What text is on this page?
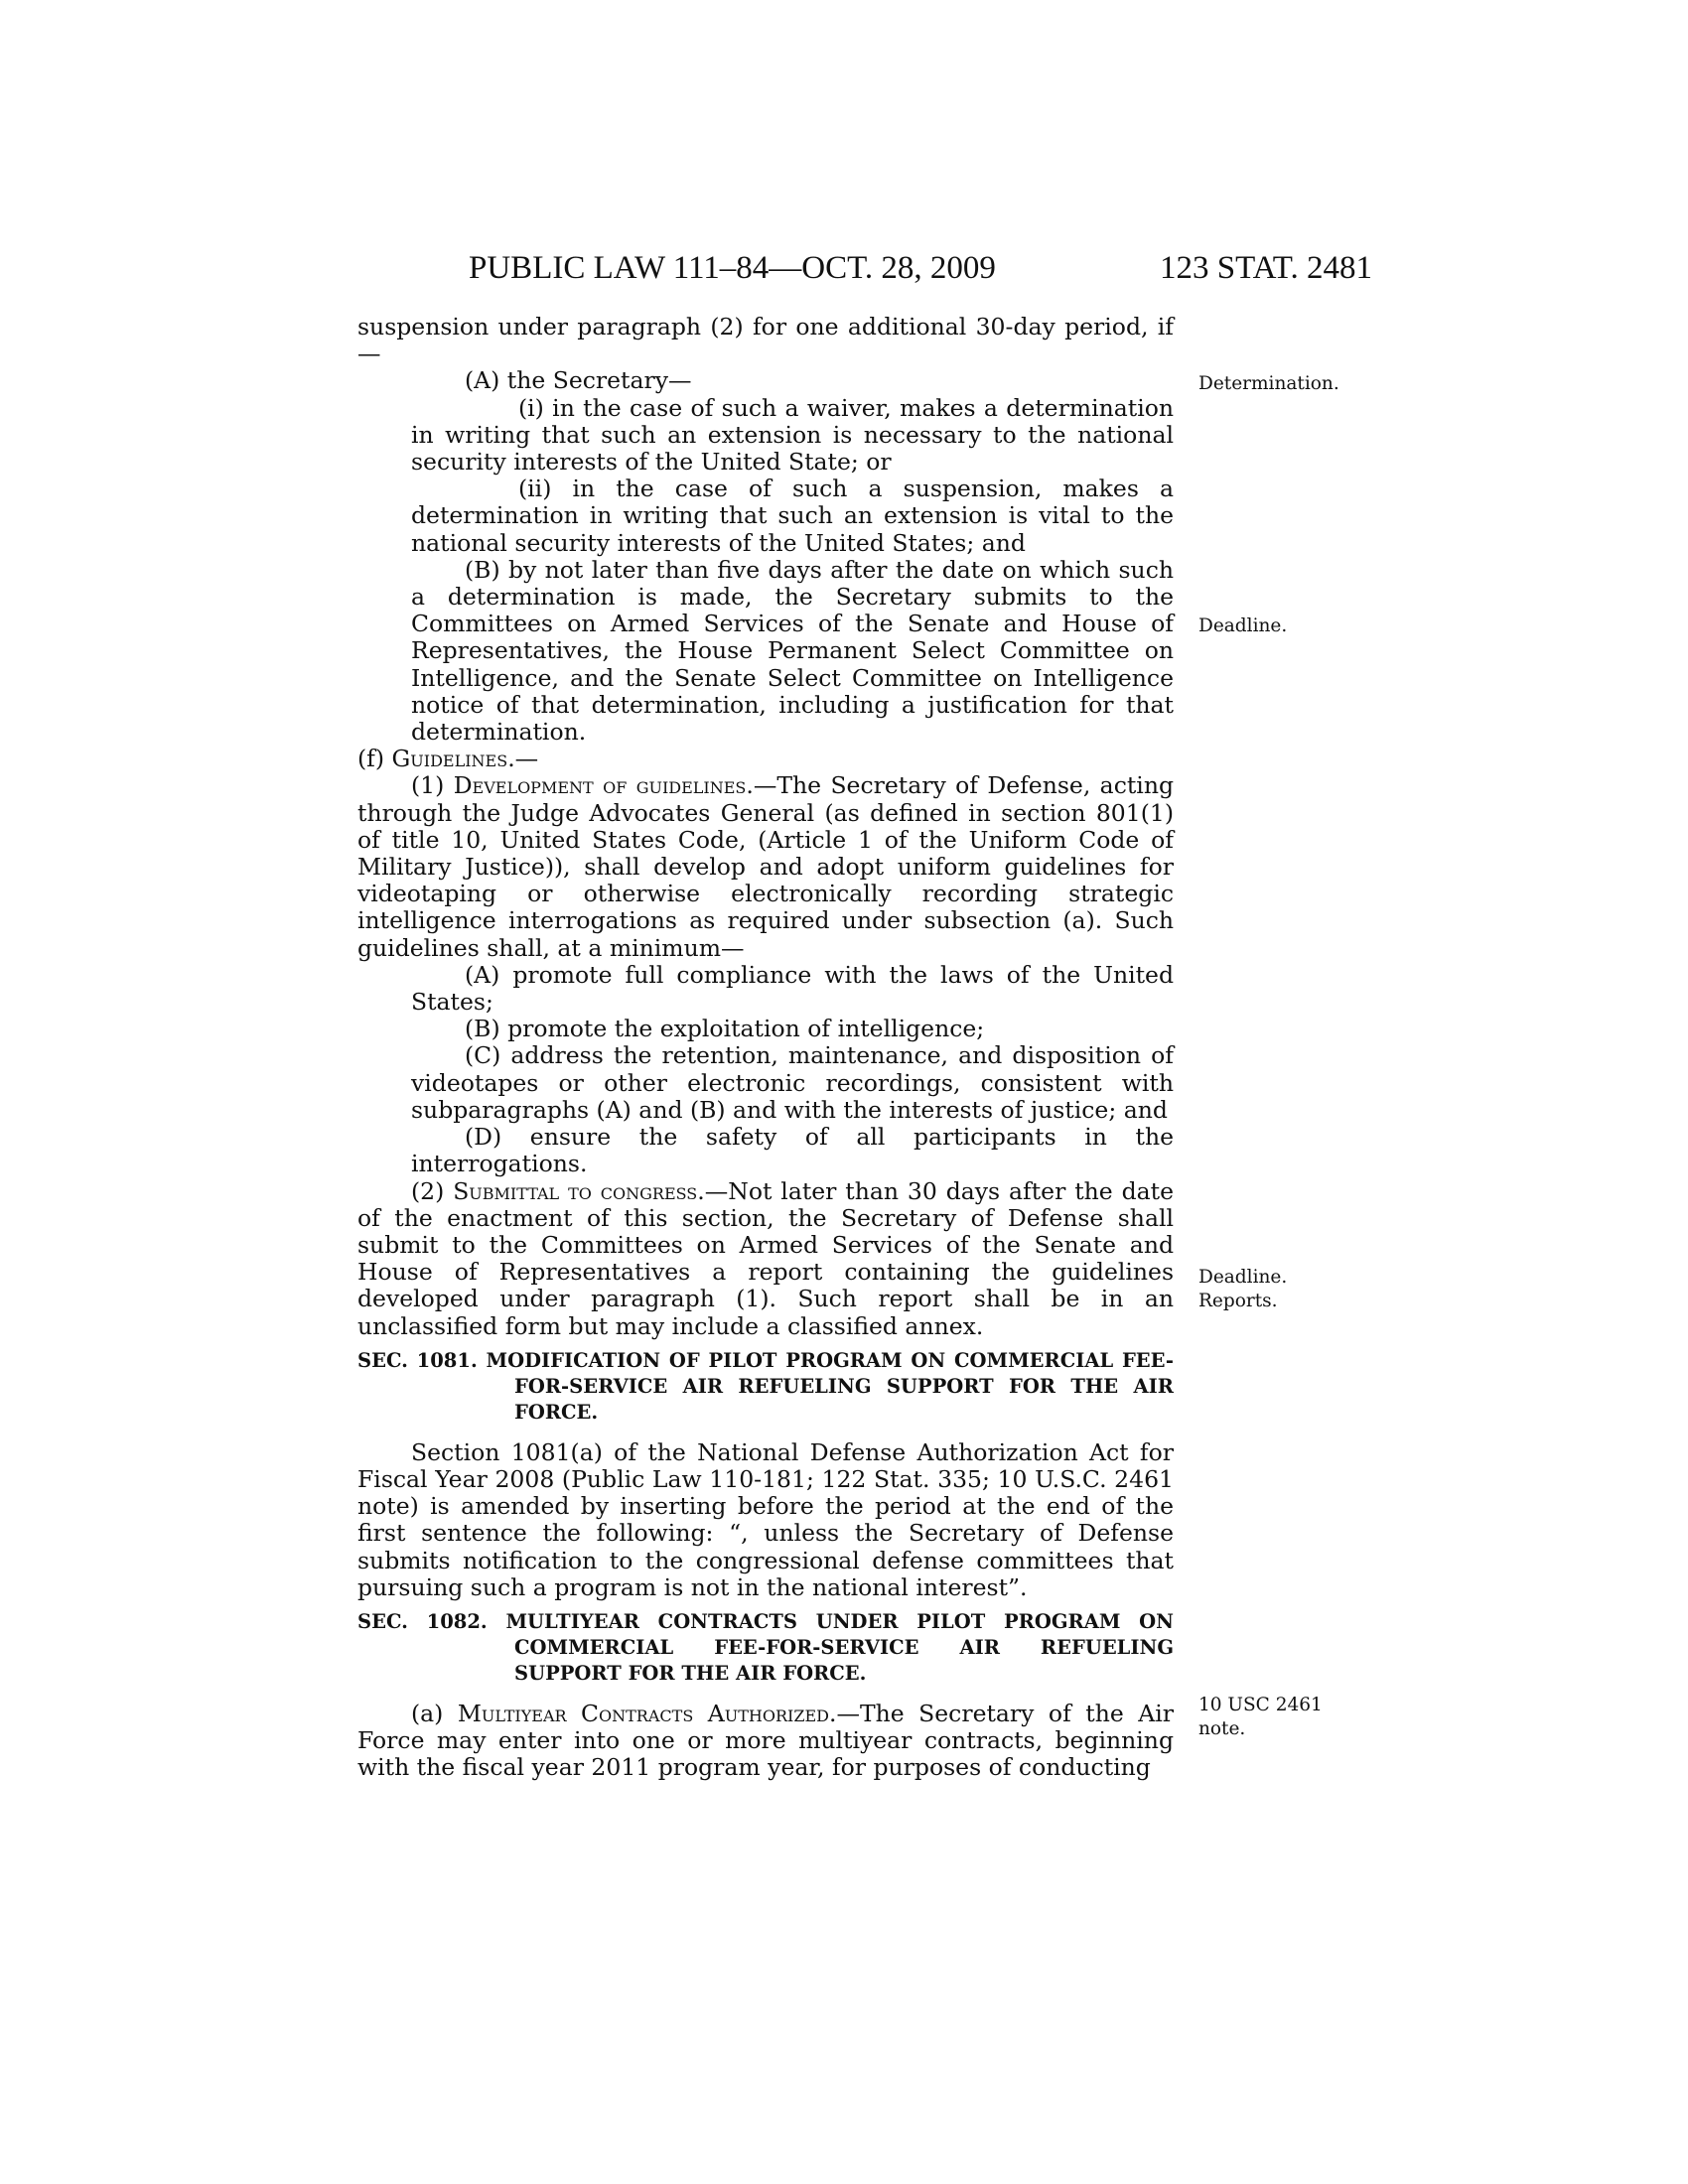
PUBLIC LAW 111–84—OCT. 28, 2009	123 STAT. 2481
Determination.
Deadline.
Deadline.
Reports.
10 USC 2461
note.

suspension under paragraph (2) for one additional 30-day period, if—

(A) the Secretary—

(i) in the case of such a waiver, makes a determination in writing that such an extension is necessary to the national security interests of the United State; or

(ii) in the case of such a suspension, makes a determination in writing that such an extension is vital to the national security interests of the United States; and

(B) by not later than five days after the date on which such a determination is made, the Secretary submits to the Committees on Armed Services of the Senate and House of Representatives, the House Permanent Select Committee on Intelligence, and the Senate Select Committee on Intelligence notice of that determination, including a justification for that determination.

(f) Guidelines.—

(1) Development of guidelines.—The Secretary of Defense, acting through the Judge Advocates General (as defined in section 801(1) of title 10, United States Code, (Article 1 of the Uniform Code of Military Justice)), shall develop and adopt uniform guidelines for videotaping or otherwise electronically recording strategic intelligence interrogations as required under subsection (a). Such guidelines shall, at a minimum—

(A) promote full compliance with the laws of the United States;

(B) promote the exploitation of intelligence;

(C) address the retention, maintenance, and disposition of videotapes or other electronic recordings, consistent with subparagraphs (A) and (B) and with the interests of justice; and

(D) ensure the safety of all participants in the interrogations.

(2) Submittal to congress.—Not later than 30 days after the date of the enactment of this section, the Secretary of Defense shall submit to the Committees on Armed Services of the Senate and House of Representatives a report containing the guidelines developed under paragraph (1). Such report shall be in an unclassified form but may include a classified annex.

SEC. 1081. MODIFICATION OF PILOT PROGRAM ON COMMERCIAL FEE-FOR-SERVICE AIR REFUELING SUPPORT FOR THE AIR FORCE.

Section 1081(a) of the National Defense Authorization Act for Fiscal Year 2008 (Public Law 110-181; 122 Stat. 335; 10 U.S.C. 2461 note) is amended by inserting before the period at the end of the first sentence the following: “, unless the Secretary of Defense submits notification to the congressional defense committees that pursuing such a program is not in the national interest”.

SEC. 1082. MULTIYEAR CONTRACTS UNDER PILOT PROGRAM ON COMMERCIAL FEE-FOR-SERVICE AIR REFUELING SUPPORT FOR THE AIR FORCE.

(a) Multiyear Contracts Authorized.—The Secretary of the Air Force may enter into one or more multiyear contracts, beginning with the fiscal year 2011 program year, for purposes of conducting
